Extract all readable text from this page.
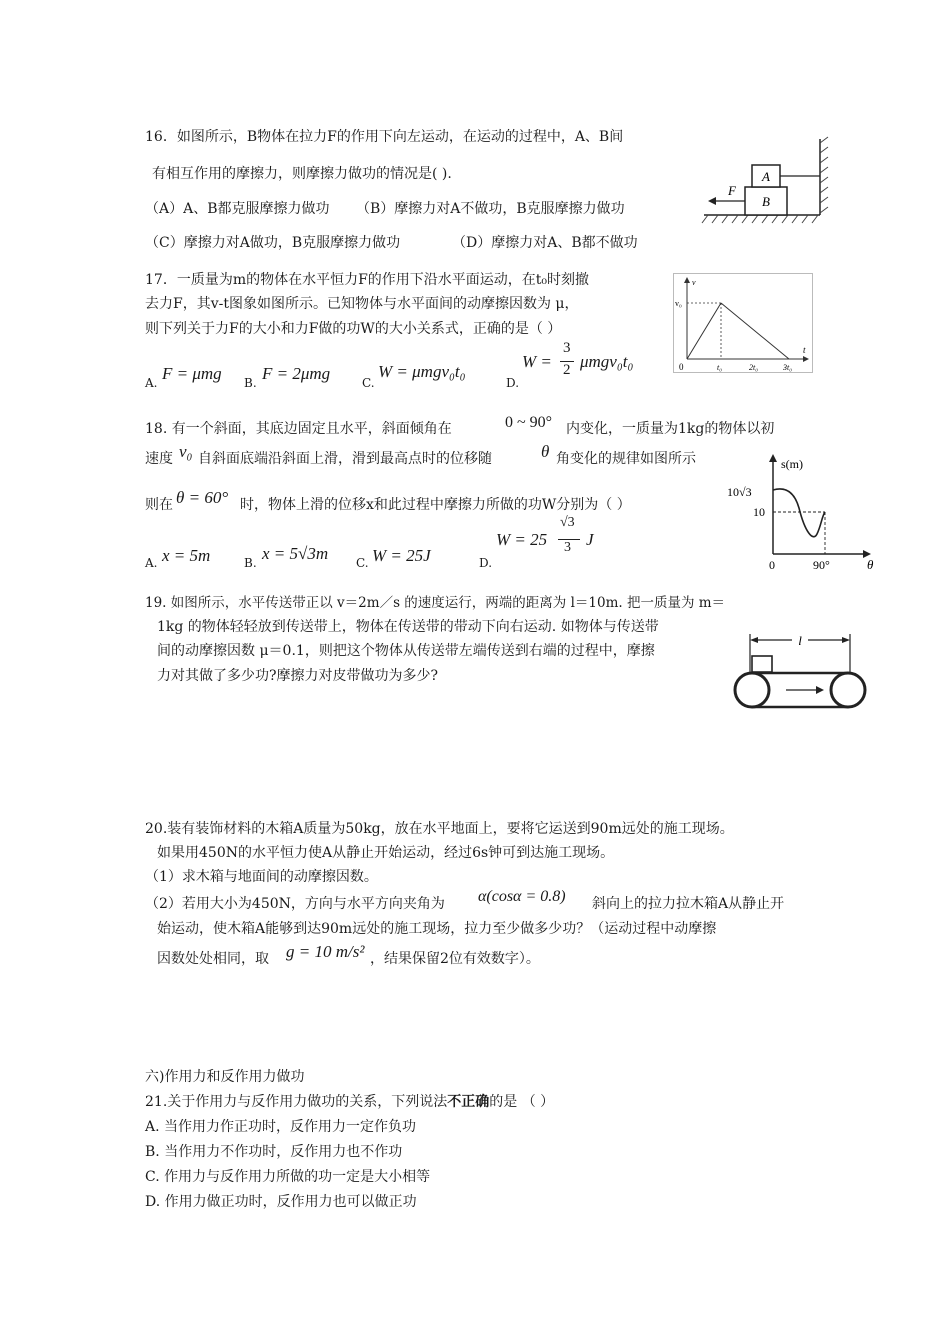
16．如图所示，B物体在拉力F的作用下向左运动，在运动的过程中，A、B间
有相互作用的摩擦力，则摩擦力做功的情况是( ).
（A）A、B都克服摩擦力做功 （B）摩擦力对A不做功，B克服摩擦力做功
（C）摩擦力对A做功，B克服摩擦力做功	（D）摩擦力对A、B都不做功
A
B
F
17．一质量为m的物体在水平恒力F的作用下沿水平面运动，在t₀时刻撤
去力F，其v-t图象如图所示。已知物体与水平面间的动摩擦因数为 μ，
则下列关于力F的大小和力F做的功W的大小关系式，正确的是（ ）
A. F = μmg B. F = 2μmg	C.
W = μmgv₀t₀
D.
W =
3
2 μmgv₀t₀
v
t
v₀
0	t₀	2t₀	3t₀
18. 有一个斜面，其底边固定且水平，斜面倾角在	0 ~ 90° 内变化，一质量为1kg的物体以初
速度 v₀ 自斜面底端沿斜面上滑，滑到最高点时的位移随	θ 角变化的规律如图所示
则在 θ = 60° 时，物体上滑的位移x和此过程中摩擦力所做的功W分别为（ ）
A. x = 5m	B. x = 5√3m C. W = 25J	D.
W = 25
√3
3 J
s(m)
10√3
10
0	90°	θ
19. 如图所示，水平传送带正以 v＝2m／s 的速度运行，两端的距离为 l＝10m. 把一质量为 m＝
1kg 的物体轻轻放到传送带上，物体在传送带的带动下向右运动. 如物体与传送带
间的动摩擦因数 μ＝0.1，则把这个物体从传送带左端传送到右端的过程中，摩擦
力对其做了多少功?摩擦力对皮带做功为多少?
l
20.装有装饰材料的木箱A质量为50kg，放在水平地面上，要将它运送到90m远处的施工现场。
如果用450N的水平恒力使A从静止开始运动，经过6s钟可到达施工现场。
（1）求木箱与地面间的动摩擦因数。
（2）若用大小为450N，方向与水平方向夹角为 α(cosα = 0.8) 斜向上的拉力拉木箱A从静止开
始运动，使木箱A能够到达90m远处的施工现场，拉力至少做多少功？（运动过程中动摩擦
因数处处相同，取 g = 10 m/s² ，结果保留2位有效数字）。
六)作用力和反作用力做功
21.关于作用力与反作用力做功的关系，下列说法不正确的是 （ ）
A. 当作用力作正功时，反作用力一定作负功
B. 当作用力不作功时，反作用力也不作功
C. 作用力与反作用力所做的功一定是大小相等
D. 作用力做正功时，反作用力也可以做正功
